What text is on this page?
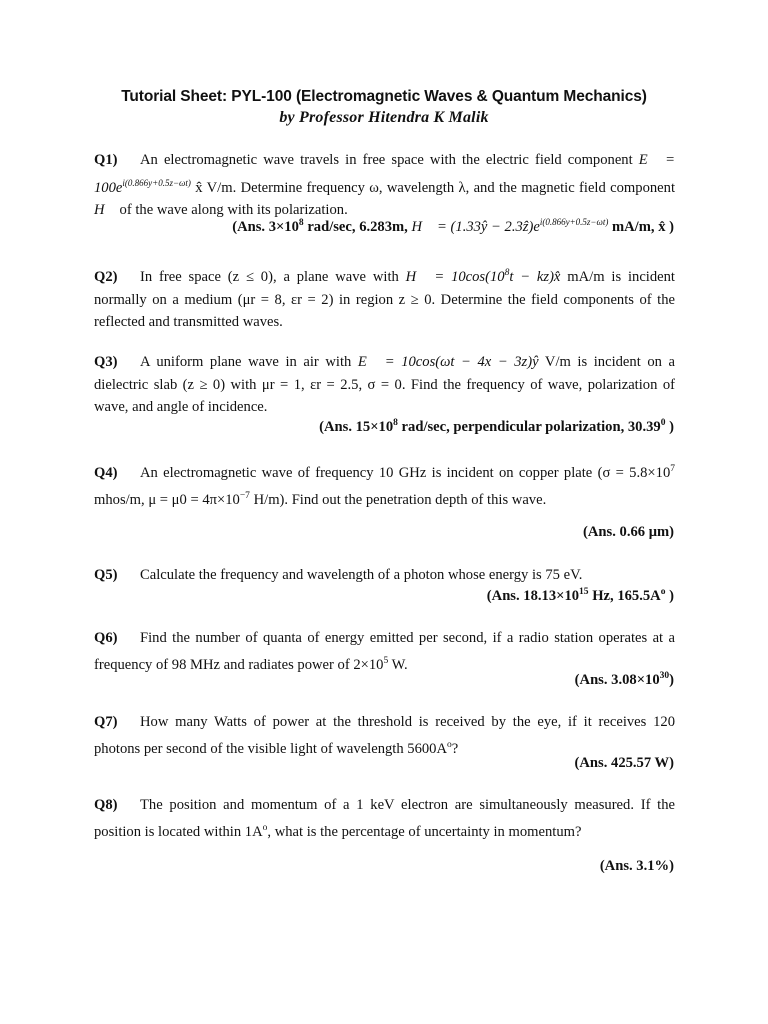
Tutorial Sheet: PYL-100 (Electromagnetic Waves & Quantum Mechanics)
by Professor Hitendra K Malik
Q1) An electromagnetic wave travels in free space with the electric field component E⃗ = $100e^{i(0.866y+0.5z-\omega t)}$ x̂ V/m. Determine frequency ω, wavelength λ, and the magnetic field component H⃗ of the wave along with its polarization.
(Ans. $3\times 10^8$ rad/sec, 6.283m, H⃗ = (1.33ŷ − $2.3ẑ)e^{i(0.866y+0.5z-\omega t)}$ mA/m, x̂ )
Q2) In free space (z ≤ 0), a plane wave with H⃗ = $10\cos(10^8t$ − kz)x̂ mA/m is incident normally on a medium (μr = 8, εr = 2) in region z ≥ 0. Determine the field components of the reflected and transmitted waves.
Q3) A uniform plane wave in air with E⃗ = 10cos(ωt − 4x − 3z)ŷ V/m is incident on a dielectric slab (z ≥ 0) with μr = 1, εr = 2.5, σ = 0. Find the frequency of wave, polarization of wave, and angle of incidence.
(Ans. $15\times 10^8$ rad/sec, perpendicular polarization, 30.39$^0$ )
Q4) An electromagnetic wave of frequency 10 GHz is incident on copper plate ($\sigma = 5.8\times 10^7$ mhos/m, $\mu = \mu 0 = 4\pi\times 10^{-7}$ H/m). Find out the penetration depth of this wave.
(Ans. 0.66 μm)
Q5) Calculate the frequency and wavelength of a photon whose energy is 75 eV.
(Ans. $18.13\times 10^{15}$ Hz, $165.5A^o$ )
Q6) Find the number of quanta of energy emitted per second, if a radio station operates at a frequency of 98 MHz and radiates power of $2\times 10^5$ W.
(Ans. $3.08\times 10^{30}$)
Q7) How many Watts of power at the threshold is received by the eye, if it receives 120 photons per second of the visible light of wavelength $5600A^o$?
(Ans. 425.57 W)
Q8) The position and momentum of a 1 keV electron are simultaneously measured. If the position is located within $1A^o$, what is the percentage of uncertainty in momentum?
(Ans. 3.1%)
